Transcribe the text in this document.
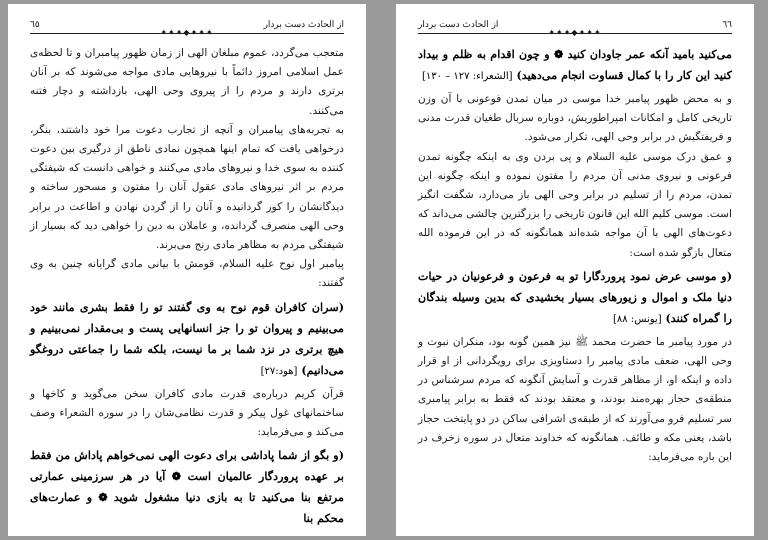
از الحادث دست بردار
✦✦✦◆✦✦✦
٦٥

متعجب می‌گردد، عموم مبلغان الهی از زمان ظهور پیامبران و تا لحظه‌ی عمل اسلامی امروز دائماً با نیروهایی مادی مواجه می‌شوند که بر آنان برتری دارند و مردم را از پیروی وحی الهی، بازداشته و دچار فتنه می‌کنند.

به تجربه‌های پیامبران و آنچه از تجارب دعوت مرا خود داشتند، بنگر، درخواهی یافت که تمام اینها همچون نمادی ناطق از درگیری بین دعوت کننده به سوی خدا و نیروهای مادی می‌کنند و خواهی دانست که شیفتگی مردم بر اثر نیروهای مادی عقول آنان را مفتون و مسحور ساخته و دیدگانشان را کور گردانیده و آنان را از گردن نهادن و اطاعت در برابر وحی الهی منصرف گردانده، و عاملان به دین را خواهی دید که بسیار از شیفتگی مردم به مظاهر مادی رنج می‌برند.

پیامبر اول نوح علیه السلام، قومش با بیانی مادی گرایانه چنین به وی گفتند:

(سران کافران قوم نوح به وی گفتند تو را فقط بشری مانند خود می‌بینیم و پیروان تو را جز انسانهایی پست و بی‌مقدار نمی‌بینیم و هیچ برتری در نزد شما بر ما نیست، بلکه شما را جماعتی دروغگو می‌دانیم) [هود:٢٧]

قرآن کریم درباره‌ی قدرت مادی کافران سخن می‌گوید و کاخها و ساختمانهای غول پیکر و قدرت نظامی‌شان را در سوره الشعراء وصف می‌کند و می‌فرماید:

(و بگو از شما پاداشی برای دعوت الهی نمی‌خواهم پاداش من فقط بر عهده پروردگار عالمیان است ❁ آیا در هر سرزمینی عمارتی مرتفع بنا می‌کنید تا به بازی دنیا مشغول شوید ❁ و عمارت‌های محکم بنا

٦٦
✦✦✦◆✦✦✦
از الحادث دست بردار

می‌کنید بامید آنکه عمر جاودان کنید ❁ و چون اقدام به ظلم و بیداد کنید این کار را با کمال قساوت انجام می‌دهید) [الشعراء: ١٢٧ – ١٣٠]

و به محض ظهور پیامبر خدا موسی در میان تمدن فوعونی با آن وزن تاریخی کامل و امکانات امپراطوریش، دوباره سربال طغیان قدرت مدنی و فریفتگیش در برابر وحی الهی، تکرار می‌شود.

و عمق درک موسی علیه السلام و پی بردن وی به اینکه چگونه تمدن فرعونی و نیروی مدنی آن مردم را مفتون نموده و اینکه چگونه این تمدن، مردم را از تسلیم در برابر وحی الهی باز می‌دارد، شگفت انگیز است. موسی کلیم الله این قانون تاریخی را بزرگترین چالشی می‌داند که دعوت‌های الهی با آن مواجه شده‌اند همانگونه که در این فرموده الله متعال بازگو شده است:

(و موسی عرض نمود پروردگارا تو به فرعون و فرعونیان در حیات دنیا ملک و اموال و زیورهای بسیار بخشیدی که بدین وسیله بندگان را گمراه کنند) [یونس: ٨٨]

در مورد پیامبر ما حضرت محمد ﷺ نیز همین گونه بود، منکران نبوت و وحی الهی، ضعف مادی پیامبر را دستاویزی برای رویگردانی از او قرار داده و اینکه او، از مظاهر قدرت و آسایش آنگونه که مردم سرشناس در منطقه‌ی حجاز بهره‌مند بودند، و معتقد بودند که فقط به برابر پیامبری سر تسلیم فرو می‌آورند که از طبقه‌ی اشرافی ساکن در دو پایتخت حجاز باشد، یعنی مکه و طائف. همانگونه که خداوند متعال در سوره زخرف در این باره می‌فرماید:
